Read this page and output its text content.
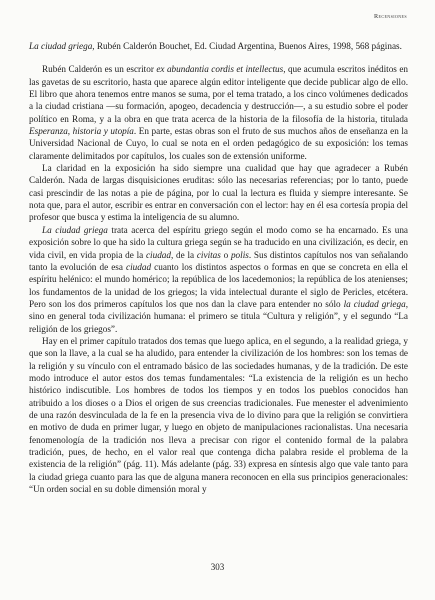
Recensiones

La ciudad griega, Rubén Calderón Bouchet, Ed. Ciudad Argentina, Buenos Aires, 1998, 568 páginas.

Rubén Calderón es un escritor ex abundantia cordis et intellectus, que acumula escritos inéditos en las gavetas de su escritorio, hasta que aparece algún editor inteligente que decide publicar algo de ello. El libro que ahora tenemos entre manos se suma, por el tema tratado, a los cinco volúmenes dedicados a la ciudad cristiana —su formación, apogeo, decadencia y destrucción—, a su estudio sobre el poder político en Roma, y a la obra en que trata acerca de la historia de la filosofía de la historia, titulada Esperanza, historia y utopía. En parte, estas obras son el fruto de sus muchos años de enseñanza en la Universidad Nacional de Cuyo, lo cual se nota en el orden pedagógico de su exposición: los temas claramente delimitados por capítulos, los cuales son de extensión uniforme.

La claridad en la exposición ha sido siempre una cualidad que hay que agradecer a Rubén Calderón. Nada de largas disquisiciones eruditas: sólo las necesarias referencias; por lo tanto, puede casi prescindir de las notas a pie de página, por lo cual la lectura es fluida y siempre interesante. Se nota que, para el autor, escribir es entrar en conversación con el lector: hay en él esa cortesía propia del profesor que busca y estima la inteligencia de su alumno.

La ciudad griega trata acerca del espíritu griego según el modo como se ha encarnado. Es una exposición sobre lo que ha sido la cultura griega según se ha traducido en una civilización, es decir, en vida civil, en vida propia de la ciudad, de la civitas o polis. Sus distintos capítulos nos van señalando tanto la evolución de esa ciudad cuanto los distintos aspectos o formas en que se concreta en ella el espíritu helénico: el mundo homérico; la república de los lacedemonios; la república de los atenienses; los fundamentos de la unidad de los griegos; la vida intelectual durante el siglo de Pericles, etcétera. Pero son los dos primeros capítulos los que nos dan la clave para entender no sólo la ciudad griega, sino en general toda civilización humana: el primero se titula “Cultura y religión”, y el segundo “La religión de los griegos”.

Hay en el primer capítulo tratados dos temas que luego aplica, en el segundo, a la realidad griega, y que son la llave, a la cual se ha aludido, para entender la civilización de los hombres: son los temas de la religión y su vínculo con el entramado básico de las sociedades humanas, y de la tradición. De este modo introduce el autor estos dos temas fundamentales: “La existencia de la religión es un hecho histórico indiscutible. Los hombres de todos los tiempos y en todos los pueblos conocidos han atribuido a los dioses o a Dios el origen de sus creencias tradicionales. Fue menester el advenimiento de una razón desvinculada de la fe en la presencia viva de lo divino para que la religión se convirtiera en motivo de duda en primer lugar, y luego en objeto de manipulaciones racionalistas. Una necesaria fenomenología de la tradición nos lleva a precisar con rigor el contenido formal de la palabra tradición, pues, de hecho, en el valor real que contenga dicha palabra reside el problema de la existencia de la religión” (pág. 11). Más adelante (pág. 33) expresa en síntesis algo que vale tanto para la ciudad griega cuanto para las que de alguna manera reconocen en ella sus principios generacionales: “Un orden social en su doble dimensión moral y

303
